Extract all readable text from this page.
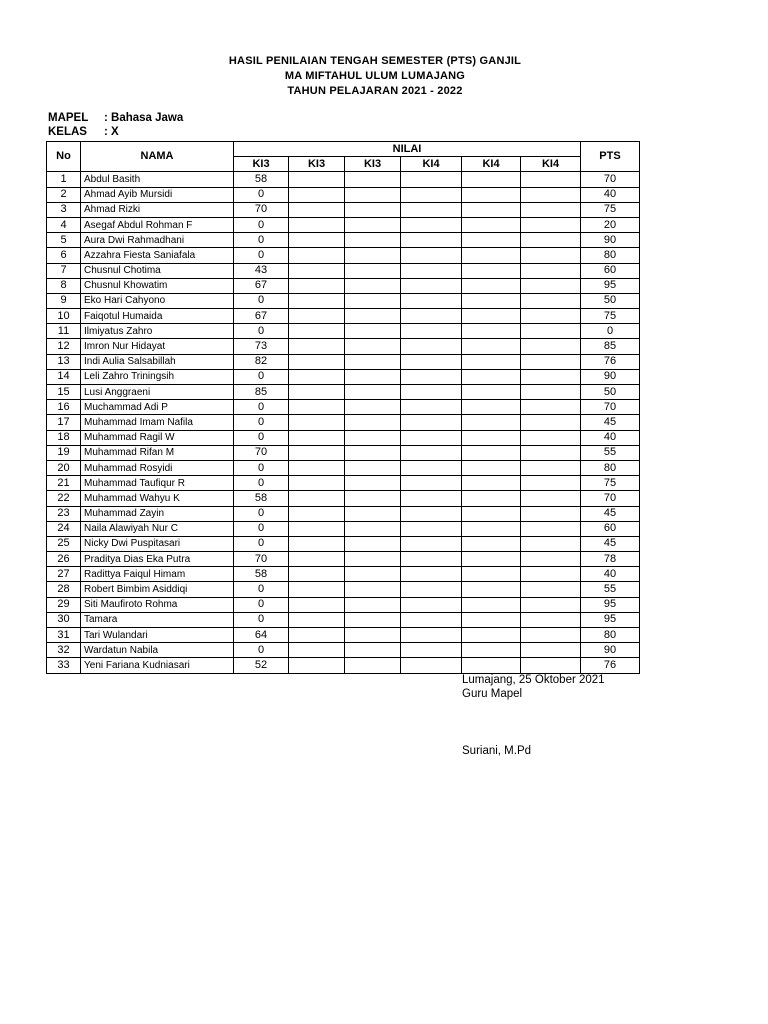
HASIL PENILAIAN TENGAH SEMESTER (PTS) GANJIL
MA MIFTAHUL ULUM LUMAJANG
TAHUN PELAJARAN 2021 - 2022
MAPEL : Bahasa Jawa
KELAS : X
No	NAMA	NILAI						PTS
		KI3	KI3	KI3	KI4	KI4	KI4	
1	Abdul Basith	58						70
2	Ahmad Ayib Mursidi	0						40
3	Ahmad Rizki	70						75
4	Asegaf Abdul Rohman F	0						20
5	Aura Dwi Rahmadhani	0						90
6	Azzahra Fiesta Saniafala	0						80
7	Chusnul Chotima	43						60
8	Chusnul Khowatim	67						95
9	Eko Hari Cahyono	0						50
10	Faiqotul Humaida	67						75
11	Ilmiyatus Zahro	0						0
12	Imron Nur Hidayat	73						85
13	Indi Aulia Salsabillah	82						76
14	Leli Zahro Triningsih	0						90
15	Lusi Anggraeni	85						50
16	Muchammad Adi P	0						70
17	Muhammad Imam Nafila	0						45
18	Muhammad Ragil W	0						40
19	Muhammad Rifan M	70						55
20	Muhammad Rosyidi	0						80
21	Muhammad Taufiqur R	0						75
22	Muhammad Wahyu K	58						70
23	Muhammad Zayin	0						45
24	Naila Alawiyah Nur C	0						60
25	Nicky Dwi Puspitasari	0						45
26	Praditya Dias Eka Putra	70						78
27	Radittya Faiqul Himam	58						40
28	Robert Bimbim Asiddiqi	0						55
29	Siti Maufiroto Rohma	0						95
30	Tamara	0						95
31	Tari Wulandari	64						80
32	Wardatun Nabila	0						90
33	Yeni Fariana Kudniasari	52						76
Lumajang, 25 Oktober 2021
Guru Mapel
Suriani, M.Pd
